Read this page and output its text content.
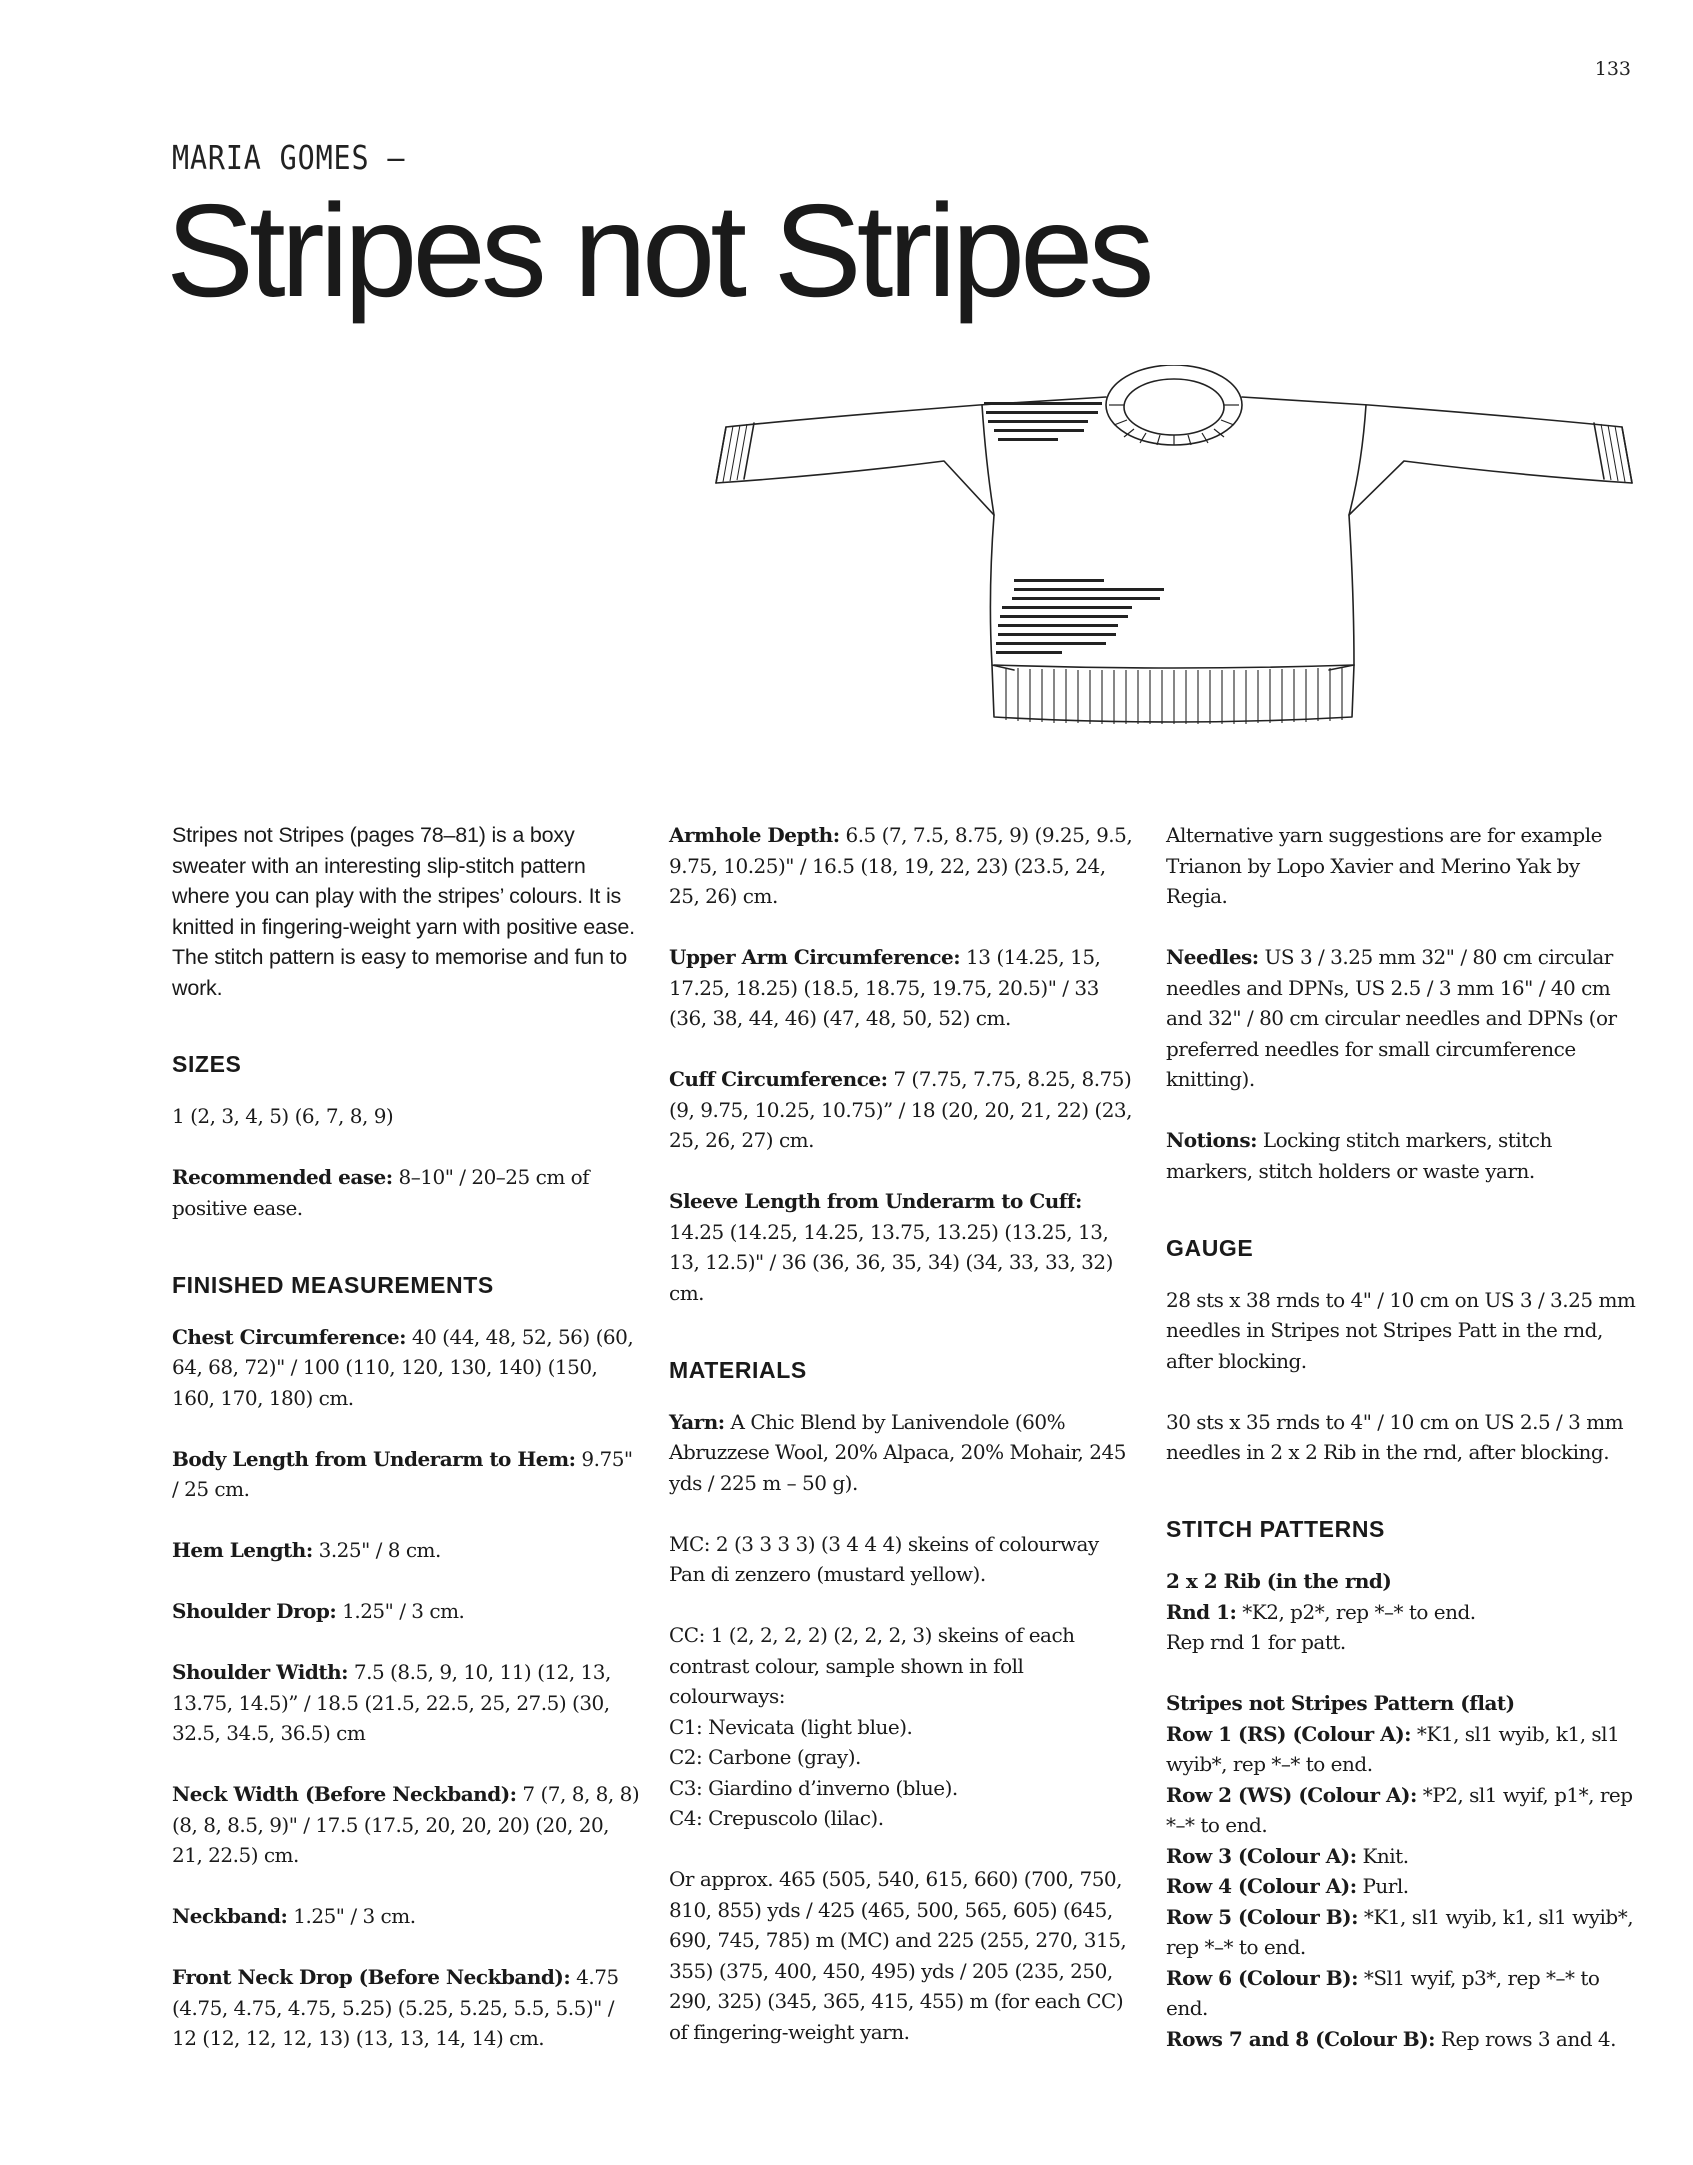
133
MARIA GOMES —
Stripes not Stripes

Stripes not Stripes (pages 78–81) is a boxy sweater with an interesting slip-stitch pattern where you can play with the stripes’ colours. It is knitted in fingering-weight yarn with positive ease. The stitch pattern is easy to memorise and fun to work.

SIZES

1 (2, 3, 4, 5) (6, 7, 8, 9)

Recommended ease: 8–10" / 20–25 cm of positive ease.

FINISHED MEASUREMENTS

Chest Circumference: 40 (44, 48, 52, 56) (60, 64, 68, 72)" / 100 (110, 120, 130, 140) (150, 160, 170, 180) cm.

Body Length from Underarm to Hem: 9.75" / 25 cm.

Hem Length: 3.25" / 8 cm.

Shoulder Drop: 1.25" / 3 cm.

Shoulder Width: 7.5 (8.5, 9, 10, 11) (12, 13, 13.75, 14.5)” / 18.5 (21.5, 22.5, 25, 27.5) (30, 32.5, 34.5, 36.5) cm

Neck Width (Before Neckband): 7 (7, 8, 8, 8) (8, 8, 8.5, 9)" / 17.5 (17.5, 20, 20, 20) (20, 20, 21, 22.5) cm.

Neckband: 1.25" / 3 cm.

Front Neck Drop (Before Neckband): 4.75 (4.75, 4.75, 4.75, 5.25) (5.25, 5.25, 5.5, 5.5)" / 12 (12, 12, 12, 13) (13, 13, 14, 14) cm.

Armhole Depth: 6.5 (7, 7.5, 8.75, 9) (9.25, 9.5, 9.75, 10.25)" / 16.5 (18, 19, 22, 23) (23.5, 24, 25, 26) cm.

Upper Arm Circumference: 13 (14.25, 15, 17.25, 18.25) (18.5, 18.75, 19.75, 20.5)" / 33 (36, 38, 44, 46) (47, 48, 50, 52) cm.

Cuff Circumference: 7 (7.75, 7.75, 8.25, 8.75) (9, 9.75, 10.25, 10.75)” / 18 (20, 20, 21, 22) (23, 25, 26, 27) cm.

Sleeve Length from Underarm to Cuff: 14.25 (14.25, 14.25, 13.75, 13.25) (13.25, 13, 13, 12.5)" / 36 (36, 36, 35, 34) (34, 33, 33, 32) cm.

MATERIALS

Yarn: A Chic Blend by Lanivendole (60% Abruzzese Wool, 20% Alpaca, 20% Mohair, 245 yds / 225 m – 50 g).

MC: 2 (3 3 3 3) (3 4 4 4) skeins of colourway Pan di zenzero (mustard yellow).

CC: 1 (2, 2, 2, 2) (2, 2, 2, 3) skeins of each contrast colour, sample shown in foll colourways:

C1: Nevicata (light blue).

C2: Carbone (gray).

C3: Giardino d’inverno (blue).

C4: Crepuscolo (lilac).

Or approx. 465 (505, 540, 615, 660) (700, 750, 810, 855) yds / 425 (465, 500, 565, 605) (645, 690, 745, 785) m (MC) and 225 (255, 270, 315, 355) (375, 400, 450, 495) yds / 205 (235, 250, 290, 325) (345, 365, 415, 455) m (for each CC) of fingering-weight yarn.

Alternative yarn suggestions are for example Trianon by Lopo Xavier and Merino Yak by Regia.

Needles: US 3 / 3.25 mm 32" / 80 cm circular needles and DPNs, US 2.5 / 3 mm 16" / 40 cm and 32" / 80 cm circular needles and DPNs (or preferred needles for small circumference knitting).

Notions: Locking stitch markers, stitch markers, stitch holders or waste yarn.

GAUGE

28 sts x 38 rnds to 4" / 10 cm on US 3 / 3.25 mm needles in Stripes not Stripes Patt in the rnd, after blocking.

30 sts x 35 rnds to 4" / 10 cm on US 2.5 / 3 mm needles in 2 x 2 Rib in the rnd, after blocking.

STITCH PATTERNS

2 x 2 Rib (in the rnd)

Rnd 1: *K2, p2*, rep *–* to end.

Rep rnd 1 for patt.

Stripes not Stripes Pattern (flat)

Row 1 (RS) (Colour A): *K1, sl1 wyib, k1, sl1 wyib*, rep *–* to end.

Row 2 (WS) (Colour A): *P2, sl1 wyif, p1*, rep *–* to end.

Row 3 (Colour A): Knit.

Row 4 (Colour A): Purl.

Row 5 (Colour B): *K1, sl1 wyib, k1, sl1 wyib*, rep *–* to end.

Row 6 (Colour B): *Sl1 wyif, p3*, rep *–* to end.

Rows 7 and 8 (Colour B): Rep rows 3 and 4.
